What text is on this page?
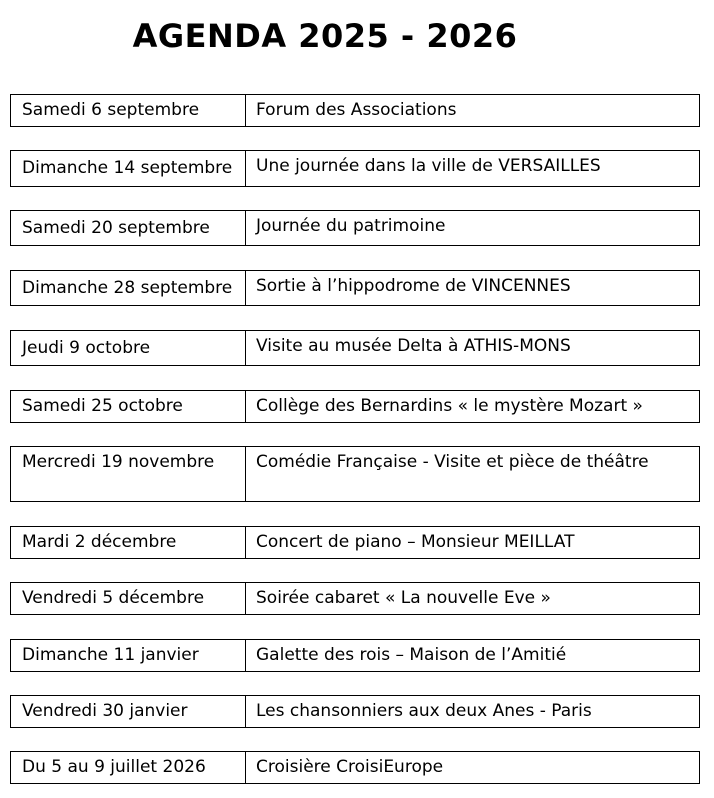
AGENDA 2025 - 2026
Samedi 6 septembre	Forum des Associations
Dimanche 14 septembre	Une journée dans la ville de VERSAILLES
Samedi 20 septembre	Journée du patrimoine
Dimanche 28 septembre	Sortie à l’hippodrome de VINCENNES
Jeudi 9 octobre	Visite au musée Delta à ATHIS-MONS
Samedi 25 octobre	Collège des Bernardins « le mystère Mozart »
Mercredi 19 novembre	Comédie Française - Visite et pièce de théâtre
Mardi 2 décembre	Concert de piano – Monsieur MEILLAT
Vendredi 5 décembre	Soirée cabaret « La nouvelle Eve »
Dimanche 11 janvier	Galette des rois – Maison de l’Amitié
Vendredi 30 janvier	Les chansonniers aux deux Anes - Paris
Du 5 au 9 juillet 2026	Croisière CroisiEurope
